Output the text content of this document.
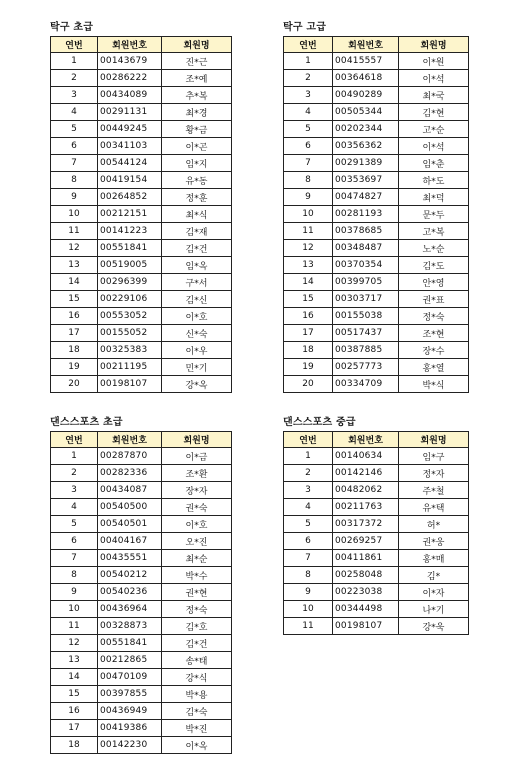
탁구 초급
연번	회원번호	회원명
1	00143679	진*근
2	00286222	조*예
3	00434089	추*복
4	00291131	최*경
5	00449245	황*금
6	00341103	이*곤
7	00544124	임*지
8	00419154	유*동
9	00264852	정*훈
10	00212151	최*식
11	00141223	김*재
12	00551841	김*건
13	00519005	임*옥
14	00296399	구*서
15	00229106	김*신
16	00553052	이*호
17	00155052	신*숙
18	00325383	이*우
19	00211195	민*기
20	00198107	강*옥
탁구 고급
연번	회원번호	회원명
1	00415557	이*원
2	00364618	이*석
3	00490289	최*국
4	00505344	김*현
5	00202344	고*순
6	00356362	이*석
7	00291389	임*춘
8	00353697	하*도
9	00474827	최*덕
10	00281193	문*두
11	00378685	고*복
12	00348487	노*순
13	00370354	김*도
14	00399705	안*영
15	00303717	권*표
16	00155038	정*숙
17	00517437	조*현
18	00387885	장*수
19	00257773	홍*열
20	00334709	박*식
댄스스포츠 초급
연번	회원번호	회원명
1	00287870	이*금
2	00282336	조*환
3	00434087	장*자
4	00540500	권*숙
5	00540501	이*호
6	00404167	오*진
7	00435551	최*순
8	00540212	박*수
9	00540236	권*현
10	00436964	정*숙
11	00328873	김*호
12	00551841	김*건
13	00212865	송*태
14	00470109	강*식
15	00397855	박*용
16	00436949	김*숙
17	00419386	박*진
18	00142230	이*옥
댄스스포츠 중급
연번	회원번호	회원명
1	00140634	임*구
2	00142146	정*자
3	00482062	주*철
4	00211763	유*택
5	00317372	허*
6	00269257	권*웅
7	00411861	홍*매
8	00258048	김*
9	00223038	이*자
10	00344498	나*기
11	00198107	강*욱
